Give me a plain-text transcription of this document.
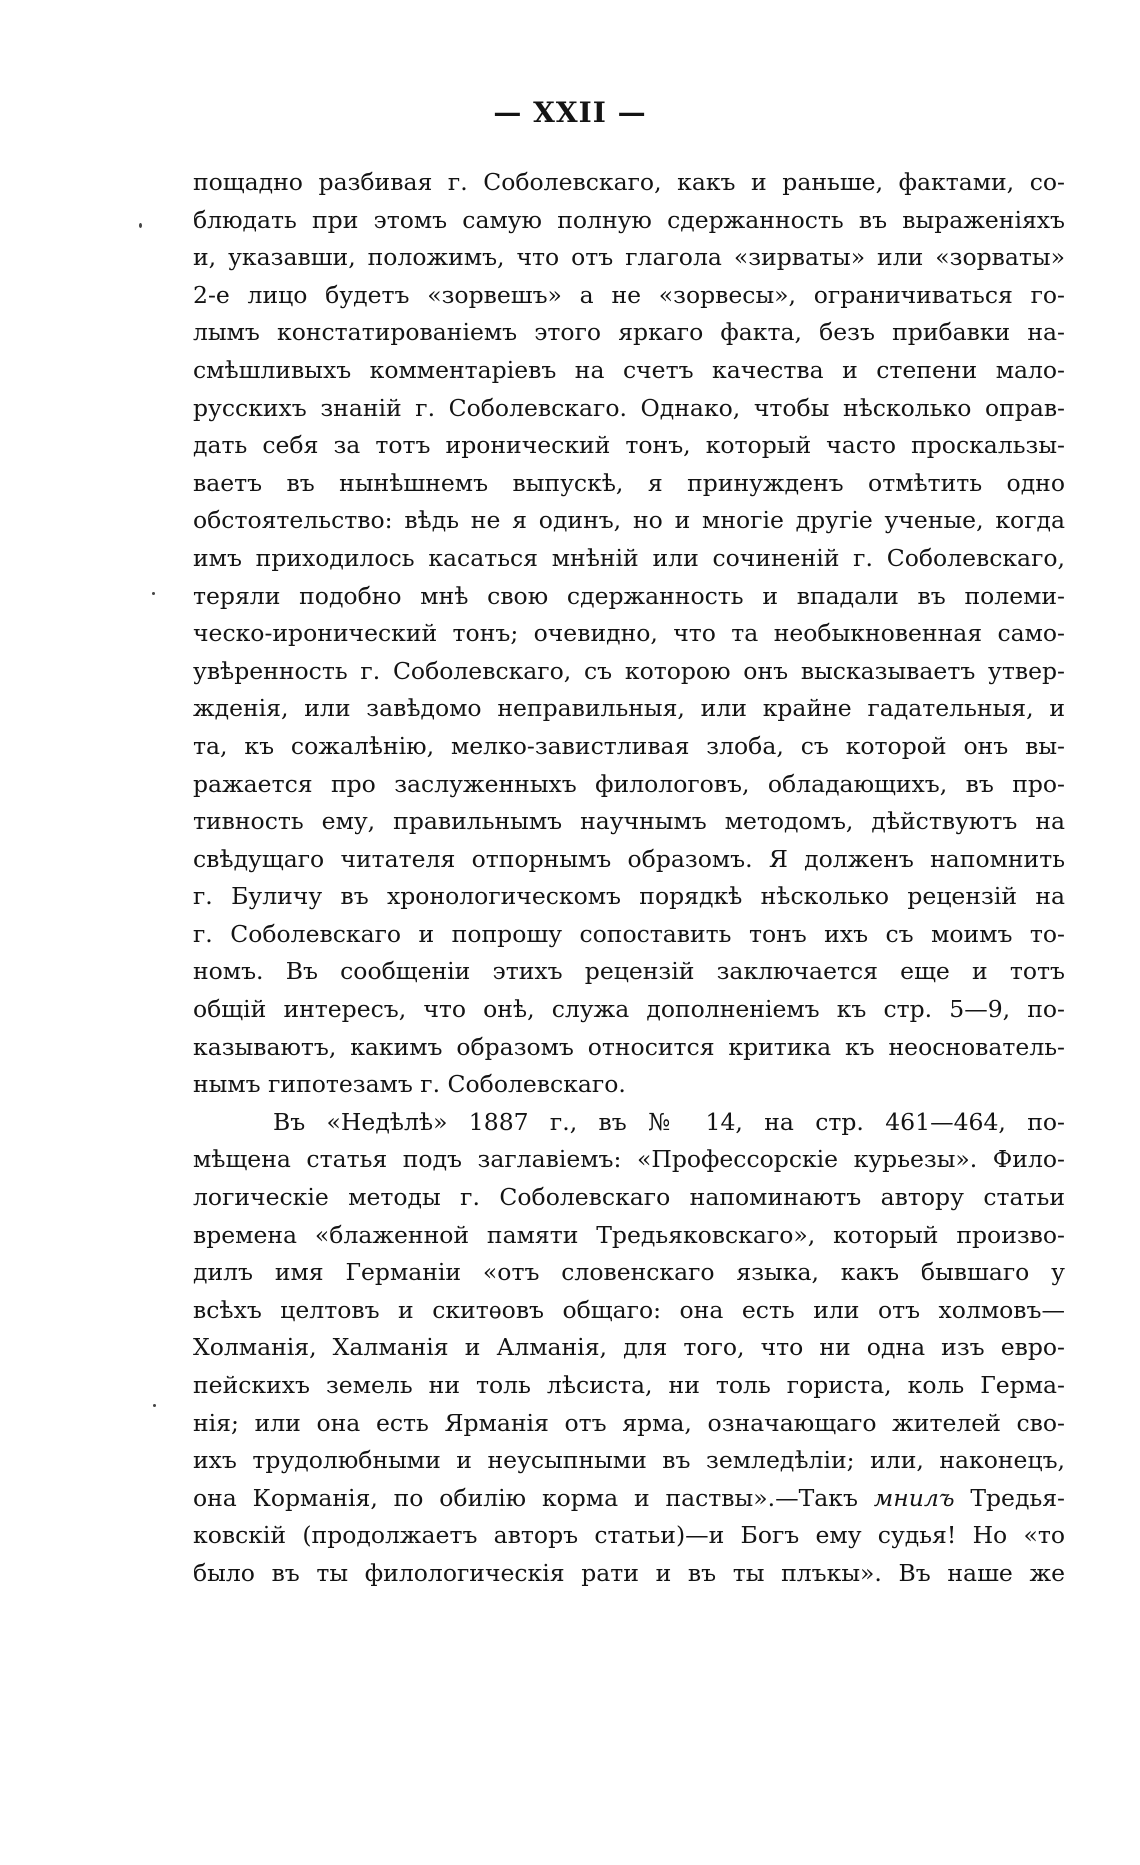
— XXII —
пощадно разбивая г. Соболевскаго, какъ и раньше, фактами, со-
блюдать при этомъ самую полную сдержанность въ выраженiяхъ
и, указавши, положимъ, что отъ глагола «зирваты» или «зорваты»
2-е лицо будетъ «зорвешъ» а не «зорвесы», ограничиваться го-
лымъ констатированiемъ этого яркаго факта, безъ прибавки на-
смѣшливыхъ комментарiевъ на счетъ качества и степени мало-
русскихъ знанiй г. Соболевскаго. Однако, чтобы нѣсколько оправ-
дать себя за тотъ иронический тонъ, который часто проскальзы-
ваетъ въ нынѣшнемъ выпускѣ, я принужденъ отмѣтить одно
обстоятельство: вѣдь не я одинъ, но и многiе другiе ученые, когда
имъ приходилось касаться мнѣнiй или сочиненiй г. Соболевскаго,
теряли подобно мнѣ свою сдержанность и впадали въ полеми-
ческо-иронический тонъ; очевидно, что та необыкновенная само-
увѣренность г. Соболевскаго, съ которою онъ высказываетъ утвер-
жденiя, или завѣдомо неправильныя, или крайне гадательныя, и
та, къ сожалѣнiю, мелко-завистливая злоба, съ которой онъ вы-
ражается про заслуженныхъ филологовъ, обладающихъ, въ про-
тивность ему, правильнымъ научнымъ методомъ, дѣйствуютъ на
свѣдущаго читателя отпорнымъ образомъ. Я долженъ напомнить
г. Буличу въ хронологическомъ порядкѣ нѣсколько рецензiй на
г. Соболевскаго и попрошу сопоставить тонъ ихъ съ моимъ то-
номъ. Въ сообщенiи этихъ рецензiй заключается еще и тотъ
общiй интересъ, что онѣ, служа дополненiемъ къ стр. 5—9, по-
казываютъ, какимъ образомъ относится критика къ неоснователь-
нымъ гипотезамъ г. Соболевскаго.
Въ «Недѣлѣ» 1887 г., въ № 14, на стр. 461—464, по-
мѣщена статья подъ заглавiемъ: «Профессорскiе курьезы». Фило-
логическiе методы г. Соболевскаго напоминаютъ автору статьи
времена «блаженной памяти Тредьяковскаго», который произво-
дилъ имя Германiи «отъ словенскаго языка, какъ бывшаго у
всѣхъ целтовъ и скитѳовъ общаго: она есть или отъ холмовъ—
Холманiя, Халманiя и Алманiя, для того, что ни одна изъ евро-
пейскихъ земель ни толь лѣсиста, ни толь гориста, коль Герма-
нiя; или она есть Ярманiя отъ ярма, означающаго жителей сво-
ихъ трудолюбными и неусыпными въ земледѣлiи; или, наконецъ,
она Корманiя, по обилiю корма и паствы».—Такъ мнилъ Тредья-
ковскiй (продолжаетъ авторъ статьи)—и Богъ ему судья! Но «то
было въ ты филологическiя рати и въ ты плъкы». Въ наше же
